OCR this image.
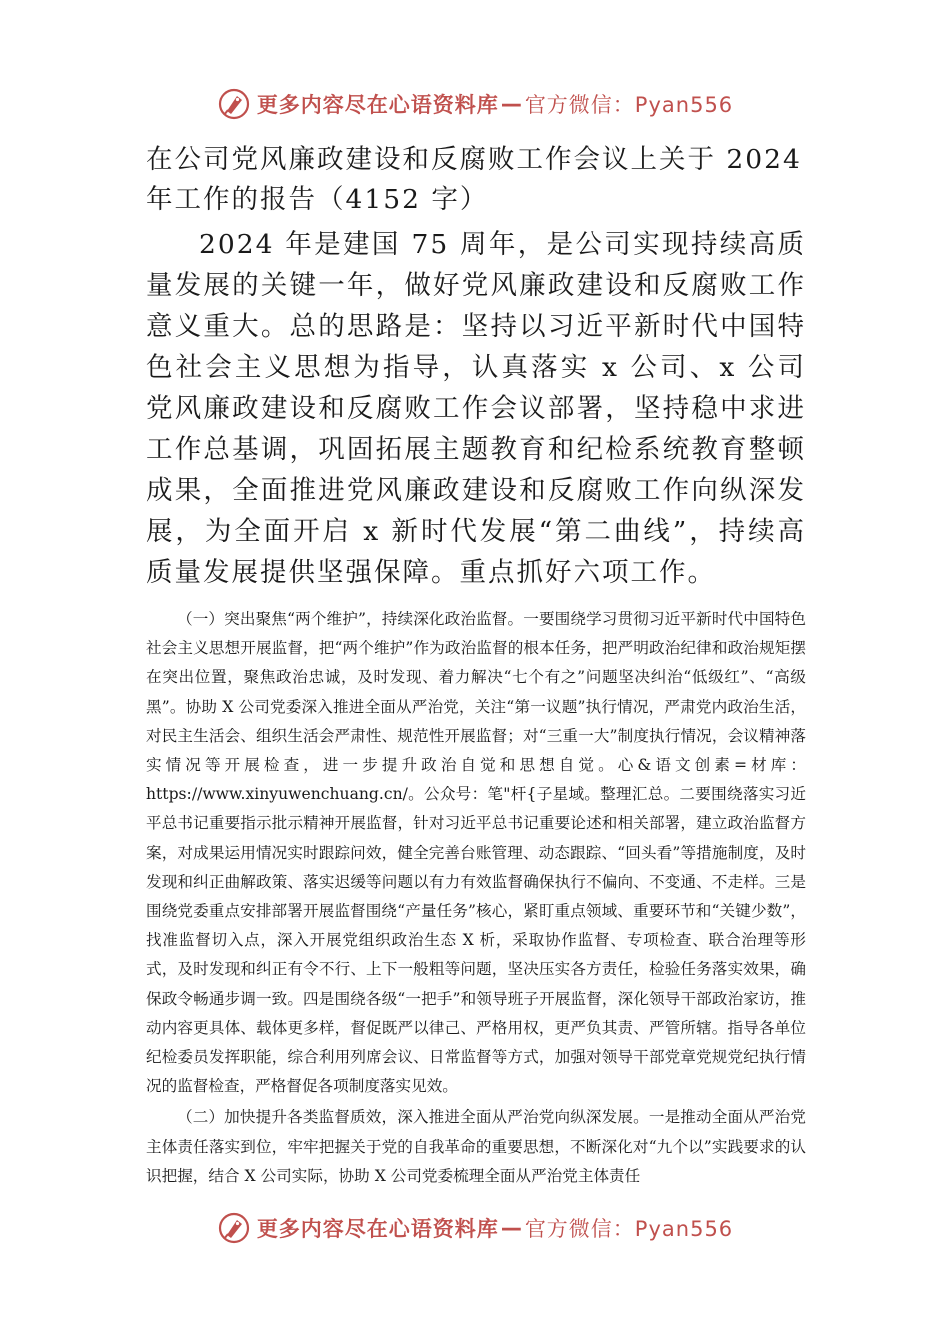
更多内容尽在心语资料库 — 官方微信：Pyan556

在公司党风廉政建设和反腐败工作会议上关于 2024 年工作的报告（4152 字）

2024 年是建国 75 周年，是公司实现持续高质量发展的关键一年，做好党风廉政建设和反腐败工作意义重大。总的思路是：坚持以习近平新时代中国特色社会主义思想为指导，认真落实 x 公司、x 公司党风廉政建设和反腐败工作会议部署，坚持稳中求进工作总基调，巩固拓展主题教育和纪检系统教育整顿成果，全面推进党风廉政建设和反腐败工作向纵深发展，为全面开启 x 新时代发展“第二曲线”，持续高质量发展提供坚强保障。重点抓好六项工作。

（一）突出聚焦“两个维护”，持续深化政治监督。一要围绕学习贯彻习近平新时代中国特色社会主义思想开展监督，把“两个维护”作为政治监督的根本任务，把严明政治纪律和政治规矩摆在突出位置，聚焦政治忠诚，及时发现、着力解决“七个有之”问题坚决纠治“低级红”、“高级黑”。协助 X 公司党委深入推进全面从严治党，关注“第一议题”执行情况，严肃党内政治生活，对民主生活会、组织生活会严肃性、规范性开展监督；对“三重一大”制度执行情况，会议精神落实情况等开展检查，进一步提升政治自觉和思想自觉。心&语文创素=材库：https://www.xinyuwenchuang.cn/。公众号：笔"杆{子星域。整理汇总。二要围绕落实习近平总书记重要指示批示精神开展监督，针对习近平总书记重要论述和相关部署，建立政治监督方案，对成果运用情况实时跟踪问效，健全完善台账管理、动态跟踪、“回头看”等措施制度，及时发现和纠正曲解政策、落实迟缓等问题以有力有效监督确保执行不偏向、不变通、不走样。三是围绕党委重点安排部署开展监督围绕“产量任务”核心，紧盯重点领域、重要环节和“关键少数”，找准监督切入点，深入开展党组织政治生态 X 析，采取协作监督、专项检查、联合治理等形式，及时发现和纠正有令不行、上下一般粗等问题，坚决压实各方责任，检验任务落实效果，确保政令畅通步调一致。四是围绕各级“一把手”和领导班子开展监督，深化领导干部政治家访，推动内容更具体、载体更多样，督促既严以律己、严格用权，更严负其责、严管所辖。指导各单位纪检委员发挥职能，综合利用列席会议、日常监督等方式，加强对领导干部党章党规党纪执行情况的监督检查，严格督促各项制度落实见效。

（二）加快提升各类监督质效，深入推进全面从严治党向纵深发展。一是推动全面从严治党主体责任落实到位，牢牢把握关于党的自我革命的重要思想，不断深化对“九个以”实践要求的认识把握，结合 X 公司实际，协助 X 公司党委梳理全面从严治党主体责任

更多内容尽在心语资料库 — 官方微信：Pyan556
